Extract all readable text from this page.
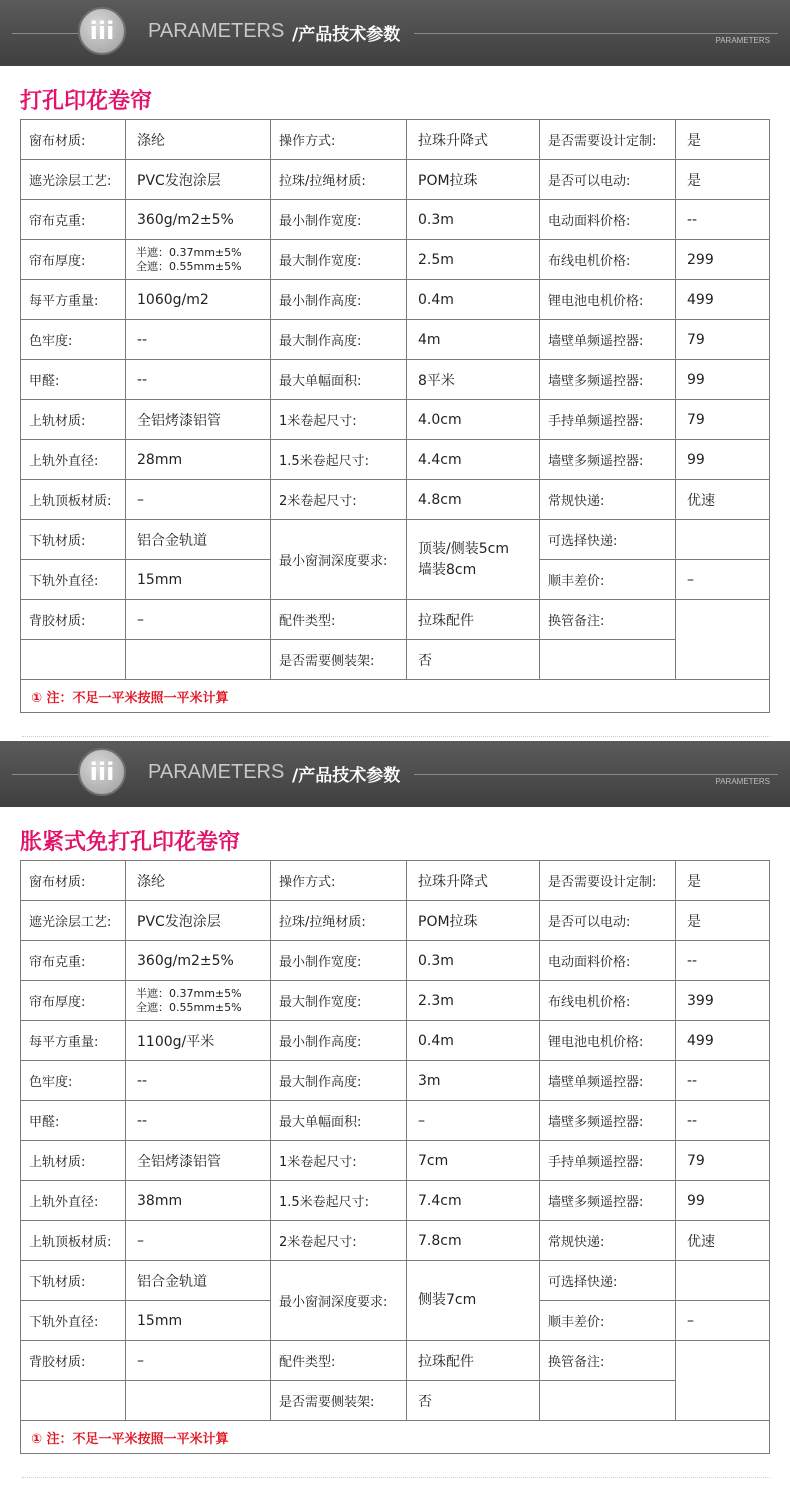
iii	PARAMETERS /产品技术参数	PARAMETERS
打孔印花卷帘
窗布材质:	涤纶	操作方式:	拉珠升降式	是否需要设计定制:	是
遮光涂层工艺:	PVC发泡涂层	拉珠/拉绳材质:	POM拉珠	是否可以电动:	是
帘布克重:	360g/m2±5%	最小制作宽度:	0.3m	电动面料价格:	--
帘布厚度:	半遮：0.37mm±5%
全遮：0.55mm±5%	最大制作宽度:	2.5m	布线电机价格:	299
每平方重量:	1060g/m2	最小制作高度:	0.4m	锂电池电机价格:	499
色牢度:	--	最大制作高度:	4m	墙壁单频遥控器:	79
甲醛:	--	最大单幅面积:	8平米	墙壁多频遥控器:	99
上轨材质:	全铝烤漆铝管	1米卷起尺寸:	4.0cm	手持单频遥控器:	79
上轨外直径:	28mm	1.5米卷起尺寸:	4.4cm	墙壁多频遥控器:	99
上轨顶板材质:	–	2米卷起尺寸:	4.8cm	常规快递:	优速
下轨材质:	铝合金轨道	最小窗洞深度要求:	顶装/侧装5cm
墙装8cm	可选择快递:	
下轨外直径:	15mm			顺丰差价:	–
背胶材质:	–	配件类型:	拉珠配件	换管备注:	
		是否需要侧装架:	否		
① 注：不足一平米按照一平米计算					
iii	PARAMETERS /产品技术参数	PARAMETERS
胀紧式免打孔印花卷帘
窗布材质:	涤纶	操作方式:	拉珠升降式	是否需要设计定制:	是
遮光涂层工艺:	PVC发泡涂层	拉珠/拉绳材质:	POM拉珠	是否可以电动:	是
帘布克重:	360g/m2±5%	最小制作宽度:	0.3m	电动面料价格:	--
帘布厚度:	半遮：0.37mm±5%
全遮：0.55mm±5%	最大制作宽度:	2.3m	布线电机价格:	399
每平方重量:	1100g/平米	最小制作高度:	0.4m	锂电池电机价格:	499
色牢度:	--	最大制作高度:	3m	墙壁单频遥控器:	--
甲醛:	--	最大单幅面积:	–	墙壁多频遥控器:	--
上轨材质:	全铝烤漆铝管	1米卷起尺寸:	7cm	手持单频遥控器:	79
上轨外直径:	38mm	1.5米卷起尺寸:	7.4cm	墙壁多频遥控器:	99
上轨顶板材质:	–	2米卷起尺寸:	7.8cm	常规快递:	优速
下轨材质:	铝合金轨道	最小窗洞深度要求:	侧装7cm	可选择快递:	
下轨外直径:	15mm			顺丰差价:	–
背胶材质:	–	配件类型:	拉珠配件	换管备注:	
		是否需要侧装架:	否		
① 注：不足一平米按照一平米计算					
